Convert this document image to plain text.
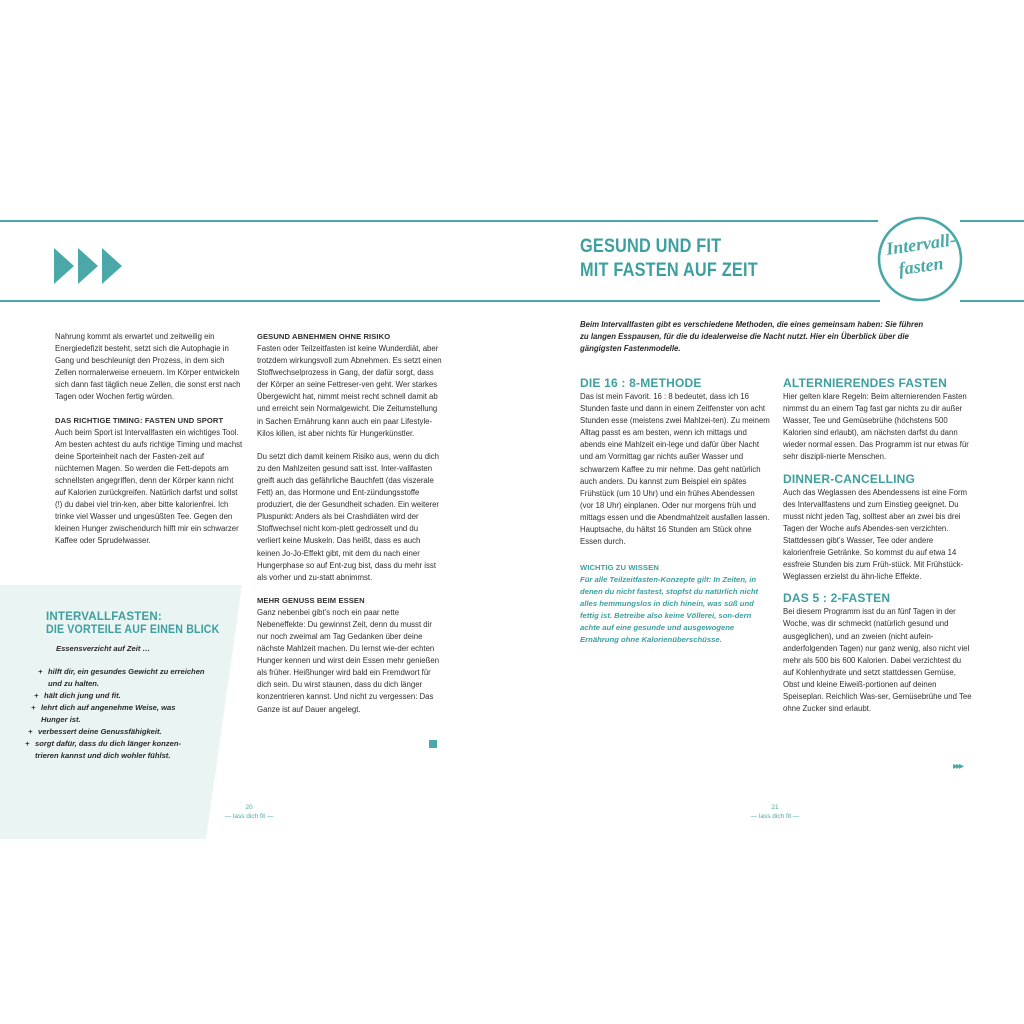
Intervall-
fasten
GESUND UND FIT
MIT FASTEN AUF ZEIT

Nahrung kommt als erwartet und zeitweilig ein Energiedefizit besteht, setzt sich die Autophagie in Gang und beschleunigt den Prozess, in dem sich Zellen normalerweise erneuern. Im Körper entwickeln sich dann fast täglich neue Zellen, die sonst erst nach Tagen oder Wochen fertig würden.

DAS RICHTIGE TIMING: FASTEN UND SPORT

Auch beim Sport ist Intervallfasten ein wichtiges Tool. Am besten achtest du aufs richtige Timing und machst deine Sporteinheit nach der Fasten-zeit auf nüchternen Magen. So werden die Fett-depots am schnellsten angegriffen, denn der Körper kann nicht auf Kalorien zurückgreifen. Natürlich darfst und sollst (!) du dabei viel trin-ken, aber bitte kalorienfrei. Ich trinke viel Wasser und ungesüßten Tee. Gegen den kleinen Hunger zwischendurch hilft mir ein schwarzer Kaffee oder Sprudelwasser.

INTERVALLFASTEN:
DIE VORTEILE AUF EINEN BLICK
Essensverzicht auf Zeit …
+ hilft dir, ein gesundes Gewicht zu erreichen und zu halten.
+ hält dich jung und fit.
+ lehrt dich auf angenehme Weise, was Hunger ist.
+ verbessert deine Genussfähigkeit.
+ sorgt dafür, dass du dich länger konzen-trieren kannst und dich wohler fühlst.
GESUND ABNEHMEN OHNE RISIKO

Fasten oder Teilzeitfasten ist keine Wunderdiät, aber trotzdem wirkungsvoll zum Abnehmen. Es setzt einen Stoffwechselprozess in Gang, der dafür sorgt, dass der Körper an seine Fettreser-ven geht. Wer starkes Übergewicht hat, nimmt meist recht schnell damit ab und erreicht sein Normalgewicht. Die Zeitumstellung in Sachen Ernährung kann auch ein paar Lifestyle-Kilos killen, ist aber nichts für Hungerkünstler.

Du setzt dich damit keinem Risiko aus, wenn du dich zu den Mahlzeiten gesund satt isst. Inter-vallfasten greift auch das gefährliche Bauchfett (das viszerale Fett) an, das Hormone und Ent-zündungsstoffe produziert, die der Gesundheit schaden. Ein weiterer Pluspunkt: Anders als bei Crashdiäten wird der Stoffwechsel nicht kom-plett gedrosselt und du verliert keine Muskeln. Das heißt, dass es auch keinen Jo-Jo-Effekt gibt, mit dem du nach einer Hungerphase so auf Ent-zug bist, dass du mehr isst als vorher und zu-statt abnimmst.

MEHR GENUSS BEIM ESSEN

Ganz nebenbei gibt’s noch ein paar nette Nebeneffekte: Du gewinnst Zeit, denn du musst dir nur noch zweimal am Tag Gedanken über deine nächste Mahlzeit machen. Du lernst wie-der echten Hunger kennen und wirst dein Essen mehr genießen als früher. Heißhunger wird bald ein Fremdwort für dich sein. Du wirst staunen, dass du dich länger konzentrieren kannst. Und nicht zu vergessen: Das Ganze ist auf Dauer angelegt.

Beim Intervallfasten gibt es verschiedene Methoden, die eines gemeinsam haben: Sie führen zu langen Esspausen, für die du idealerweise die Nacht nutzt. Hier ein Überblick über die gängigsten Fastenmodelle.
DIE 16 : 8-METHODE
Das ist mein Favorit. 16 : 8 bedeutet, dass ich 16 Stunden faste und dann in einem Zeitfenster von acht Stunden esse (meistens zwei Mahlzei-ten). Zu meinem Alltag passt es am besten, wenn ich mittags und abends eine Mahlzeit ein-lege und dafür über Nacht und am Vormittag gar nichts außer Wasser und schwarzem Kaffee zu mir nehme. Das geht natürlich auch anders. Du kannst zum Beispiel ein spätes Frühstück (um 10 Uhr) und ein frühes Abendessen (vor 18 Uhr) einplanen. Oder nur morgens früh und mittags essen und die Abendmahlzeit ausfallen lassen. Hauptsache, du hältst 16 Stunden am Stück ohne Essen durch.
WICHTIG ZU WISSEN
Für alle Teilzeitfasten-Konzepte gilt: In Zeiten, in denen du nicht fastest, stopfst du natürlich nicht alles hemmungslos in dich hinein, was süß und fettig ist. Betreibe also keine Völlerei, son-dern achte auf eine gesunde und ausgewogene Ernährung ohne Kalorienüberschüsse.
ALTERNIERENDES FASTEN
Hier gelten klare Regeln: Beim alternierenden Fasten nimmst du an einem Tag fast gar nichts zu dir außer Wasser, Tee und Gemüsebrühe (höchstens 500 Kalorien sind erlaubt), am nächsten darfst du dann wieder normal essen. Das Programm ist nur etwas für sehr diszipli-nierte Menschen.
DINNER-CANCELLING
Auch das Weglassen des Abendessens ist eine Form des Intervallfastens und zum Einstieg geeignet. Du musst nicht jeden Tag, solltest aber an zwei bis drei Tagen der Woche aufs Abendes-sen verzichten. Stattdessen gibt’s Wasser, Tee oder andere kalorienfreie Getränke. So kommst du auf etwa 14 essfreie Stunden bis zum Früh-stück. Mit Frühstück-Weglassen erzielst du ähn-liche Effekte.
DAS 5 : 2-FASTEN
Bei diesem Programm isst du an fünf Tagen in der Woche, was dir schmeckt (natürlich gesund und ausgeglichen), und an zweien (nicht aufein-anderfolgenden Tagen) nur ganz wenig, also nicht viel mehr als 500 bis 600 Kalorien. Dabei verzichtest du auf Kohlenhydrate und setzt stattdessen Gemüse, Obst und kleine Eiweiß-portionen auf deinen Speiseplan. Reichlich Was-ser, Gemüsebrühe und Tee ohne Zucker sind erlaubt.
▸▸▸
20
— lass dich fit —
21
— lass dich fit —
